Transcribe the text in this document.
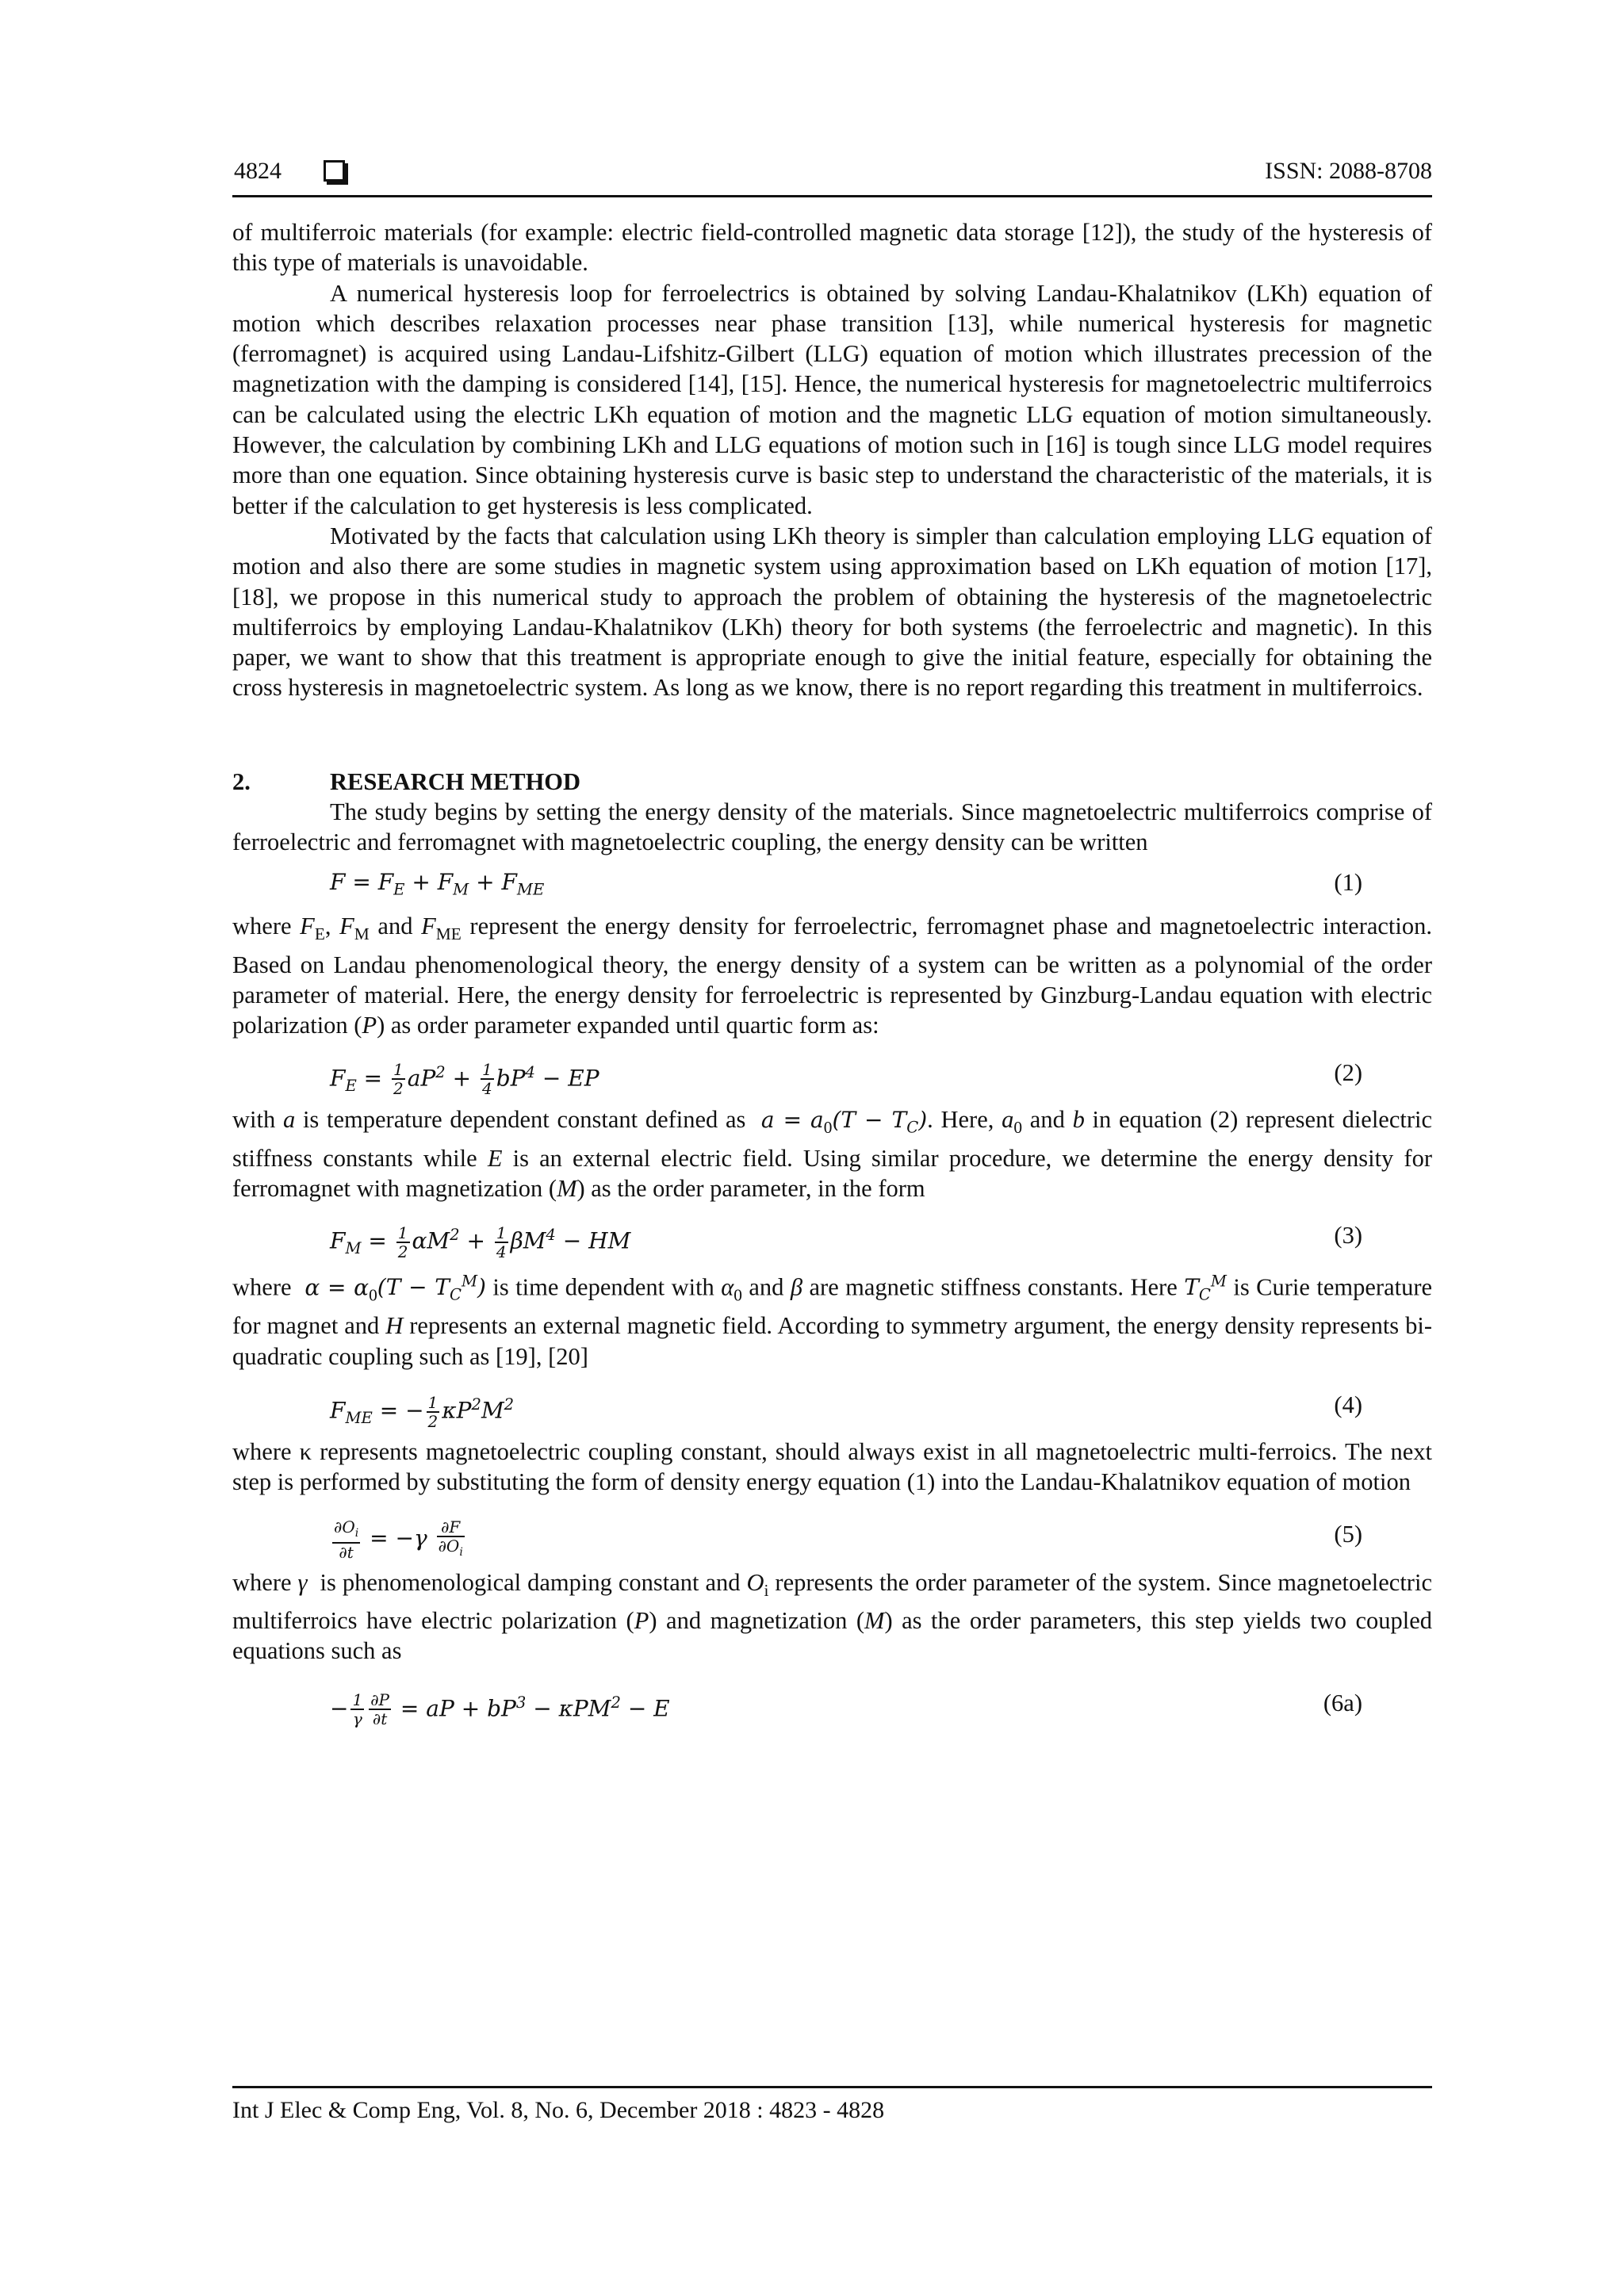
4824	ISSN: 2088-8708

of multiferroic materials (for example: electric field-controlled magnetic data storage [12]), the study of the hysteresis of this type of materials is unavoidable.

A numerical hysteresis loop for ferroelectrics is obtained by solving Landau-Khalatnikov (LKh) equation of motion which describes relaxation processes near phase transition [13], while numerical hysteresis for magnetic (ferromagnet) is acquired using Landau-Lifshitz-Gilbert (LLG) equation of motion which illustrates precession of the magnetization with the damping is considered [14], [15]. Hence, the numerical hysteresis for magnetoelectric multiferroics can be calculated using the electric LKh equation of motion and the magnetic LLG equation of motion simultaneously. However, the calculation by combining LKh and LLG equations of motion such in [16] is tough since LLG model requires more than one equation. Since obtaining hysteresis curve is basic step to understand the characteristic of the materials, it is better if the calculation to get hysteresis is less complicated.

Motivated by the facts that calculation using LKh theory is simpler than calculation employing LLG equation of motion and also there are some studies in magnetic system using approximation based on LKh equation of motion [17], [18], we propose in this numerical study to approach the problem of obtaining the hysteresis of the magnetoelectric multiferroics by employing Landau-Khalatnikov (LKh) theory for both systems (the ferroelectric and magnetic). In this paper, we want to show that this treatment is appropriate enough to give the initial feature, especially for obtaining the cross hysteresis in magnetoelectric system. As long as we know, there is no report regarding this treatment in multiferroics.

2.	RESEARCH METHOD

The study begins by setting the energy density of the materials. Since magnetoelectric multiferroics comprise of ferroelectric and ferromagnet with magnetoelectric coupling, the energy density can be written

$F = F_E + F_M + F_{ME}$	(1)

where $F_E$, $F_M$ and $F_{ME}$ represent the energy density for ferroelectric, ferromagnet phase and magnetoelectric interaction. Based on Landau phenomenological theory, the energy density of a system can be written as a polynomial of the order parameter of material. Here, the energy density for ferroelectric is represented by Ginzburg-Landau equation with electric polarization (P) as order parameter expanded until quartic form as:

$F_E = \frac{1}{2} aP^2 + \frac{1}{4} bP^4$ − EP	(2)

with a is temperature dependent constant defined as  $a = a_0(T - T_C)$. Here, $a_0$ and b in equation (2) represent dielectric stiffness constants while E is an external electric field. Using similar procedure, we determine the energy density for ferromagnet with magnetization (M) as the order parameter, in the form

$F_M = \frac{1}{2} \alpha M^2 + \frac{1}{4} \beta M^4$ − HM	(3)

where  $\alpha = \alpha_0(T - T_C^M)$ is time dependent with $\alpha_0$ and β are magnetic stiffness constants. Here $T_C^M$ is Curie temperature for magnet and H represents an external magnetic field. According to symmetry argument, the energy density represents bi-quadratic coupling such as [19], [20]

$F_{ME}$ = − $\frac{1}{2} \kappa P^2M^2$	(4)

where κ represents magnetoelectric coupling constant, should always exist in all magnetoelectric multi-ferroics. The next step is performed by substituting the form of density energy equation (1) into the Landau-Khalatnikov equation of motion

$\frac{\partial O_i}{\partial t} = -\gamma \frac{\partial F}{\partial O_i}$	(5)

where γ  is phenomenological damping constant and $O_i$ represents the order parameter of the system. Since magnetoelectric multiferroics have electric polarization (P) and magnetization (M) as the order parameters, this step yields two coupled equations such as

− $\frac{1}{\gamma} \frac{\partial P}{\partial t}$ = aP + $bP^3 - \kappa PM^2 - E$	(6a)
Int J Elec & Comp Eng, Vol. 8, No. 6, December 2018 : 4823 - 4828
